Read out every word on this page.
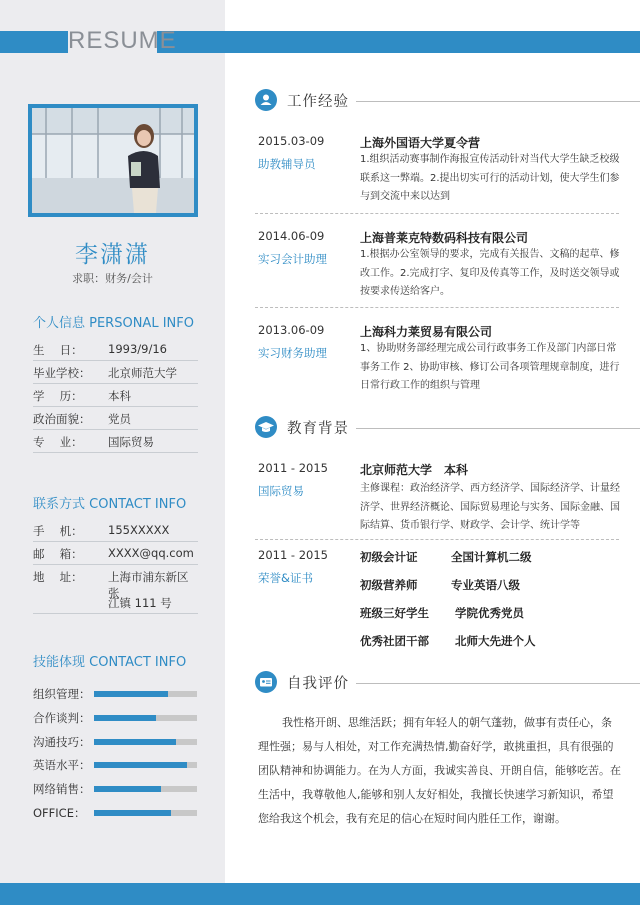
RESUME
李潇潇
求职：财务/会计
个人信息 PERSONAL INFO
生　 日： 1993/9/16
毕业学校： 北京师范大学
学　 历： 本科
政治面貌： 党员
专　 业： 国际贸易
联系方式 CONTACT INFO
手　 机： 155XXXXX
邮　 箱： XXXX@qq.com
地　 址： 上海市浦东新区张
江镇 111 号
技能体现 CONTACT INFO
组织管理：
合作谈判：
沟通技巧：
英语水平：
网络销售：
OFFICE：
工作经验
2015.03-09
助教辅导员
上海外国语大学夏令营
1.组织活动赛事制作海报宣传活动针对当代大学生缺乏校级联系这一弊端。2.提出切实可行的活动计划，使大学生们参与到交流中来以达到
2014.06-09
实习会计助理
上海普莱克特数码科技有限公司
1.根据办公室领导的要求，完成有关报告、文稿的起草、修改工作。2.完成打字、复印及传真等工作，及时送交领导或按要求传送给客户。
2013.06-09
实习财务助理
上海科力莱贸易有限公司
1、协助财务部经理完成公司行政事务工作及部门内部日常事务工作 2、协助审核、修订公司各项管理规章制度，进行日常行政工作的组织与管理
教育背景
2011 - 2015
国际贸易
北京师范大学　本科
主修课程：政治经济学、西方经济学、国际经济学、计量经济学、世界经济概论、国际贸易理论与实务、国际金融、国际结算、货币银行学、财政学、会计学、统计学等
2011 - 2015
荣誉&证书
初级会计证	全国计算机二级
初级营养师	专业英语八级
班级三好学生 学院优秀党员
优秀社团干部 北师大先进个人
自我评价
我性格开朗、思维活跃；拥有年轻人的朝气蓬勃，做事有责任心，条理性强；易与人相处，对工作充满热情,勤奋好学，敢挑重担，具有很强的团队精神和协调能力。在为人方面，我诚实善良、开朗自信，能够吃苦。在生活中，我尊敬他人,能够和别人友好相处，我擅长快速学习新知识，希望您给我这个机会，我有充足的信心在短时间内胜任工作，谢谢。
